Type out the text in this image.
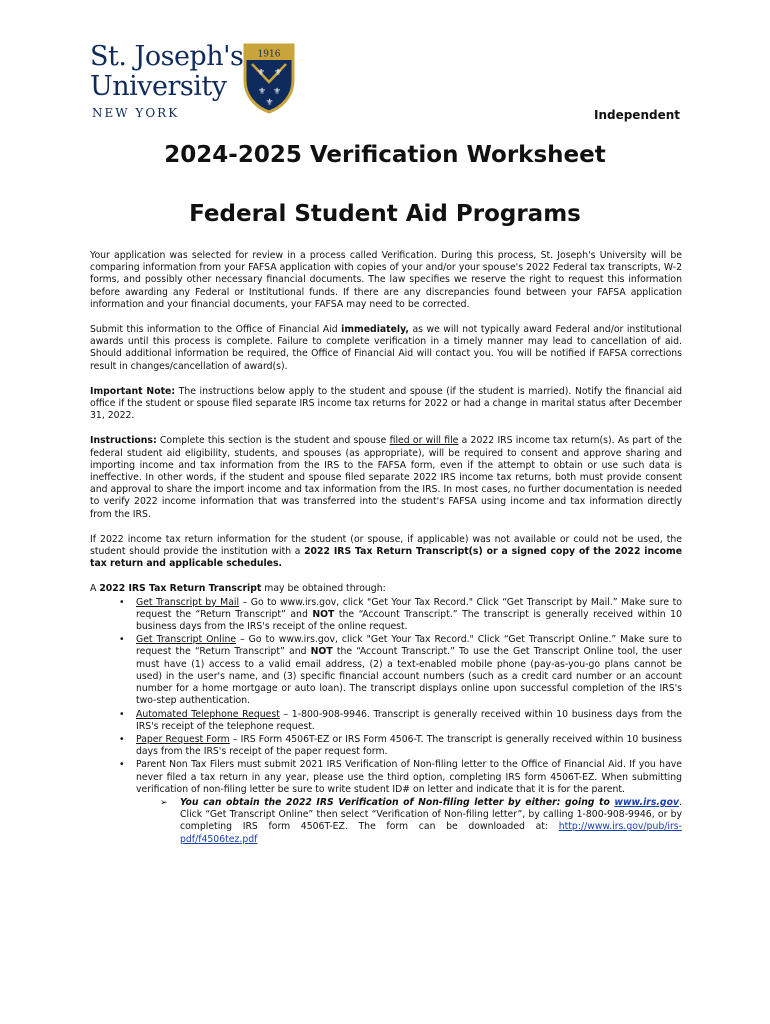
St. Joseph's
University
NEW YORK
1916
⚜ ⚜
⚜ ⚜
⚜
Independent
2024-2025 Verification Worksheet
Federal Student Aid Programs

Your application was selected for review in a process called Verification. During this process, St. Joseph's University will be comparing information from your FAFSA application with copies of your and/or your spouse's 2022 Federal tax transcripts, W-2 forms, and possibly other necessary financial documents. The law specifies we reserve the right to request this information before awarding any Federal or Institutional funds. If there are any discrepancies found between your FAFSA application information and your financial documents, your FAFSA may need to be corrected.

Submit this information to the Office of Financial Aid immediately, as we will not typically award Federal and/or institutional awards until this process is complete. Failure to complete verification in a timely manner may lead to cancellation of aid. Should additional information be required, the Office of Financial Aid will contact you. You will be notified if FAFSA corrections result in changes/cancellation of award(s).

Important Note: The instructions below apply to the student and spouse (if the student is married). Notify the financial aid office if the student or spouse filed separate IRS income tax returns for 2022 or had a change in marital status after December 31, 2022.

Instructions: Complete this section is the student and spouse filed or will file a 2022 IRS income tax return(s). As part of the federal student aid eligibility, students, and spouses (as appropriate), will be required to consent and approve sharing and importing income and tax information from the IRS to the FAFSA form, even if the attempt to obtain or use such data is ineffective. In other words, if the student and spouse filed separate 2022 IRS income tax returns, both must provide consent and approval to share the import income and tax information from the IRS. In most cases, no further documentation is needed to verify 2022 income information that was transferred into the student's FAFSA using income and tax information directly from the IRS.

If 2022 income tax return information for the student (or spouse, if applicable) was not available or could not be used, the student should provide the institution with a 2022 IRS Tax Return Transcript(s) or a signed copy of the 2022 income tax return and applicable schedules.

A 2022 IRS Tax Return Transcript may be obtained through:
• Get Transcript by Mail – Go to www.irs.gov, click "Get Your Tax Record." Click “Get Transcript by Mail.” Make sure to request the “Return Transcript” and NOT the “Account Transcript.” The transcript is generally received within 10 business days from the IRS's receipt of the online request.
• Get Transcript Online – Go to www.irs.gov, click "Get Your Tax Record." Click “Get Transcript Online.” Make sure to request the “Return Transcript” and NOT the “Account Transcript.” To use the Get Transcript Online tool, the user must have (1) access to a valid email address, (2) a text-enabled mobile phone (pay-as-you-go plans cannot be used) in the user's name, and (3) specific financial account numbers (such as a credit card number or an account number for a home mortgage or auto loan). The transcript displays online upon successful completion of the IRS's two-step authentication.
• Automated Telephone Request – 1-800-908-9946. Transcript is generally received within 10 business days from the IRS's receipt of the telephone request.
• Paper Request Form – IRS Form 4506T-EZ or IRS Form 4506-T. The transcript is generally received within 10 business days from the IRS's receipt of the paper request form.
• Parent Non Tax Filers must submit 2021 IRS Verification of Non-filing letter to the Office of Financial Aid. If you have never filed a tax return in any year, please use the third option, completing IRS form 4506T-EZ. When submitting verification of non-filing letter be sure to write student ID# on letter and indicate that it is for the parent.
➢ You can obtain the 2022 IRS Verification of Non-filing letter by either: going to www.irs.gov. Click “Get Transcript Online” then select “Verification of Non-filing letter”, by calling 1-800-908-9946, or by completing IRS form 4506T-EZ. The form can be downloaded at: http://www.irs.gov/pub/irs-pdf/f4506tez.pdf
